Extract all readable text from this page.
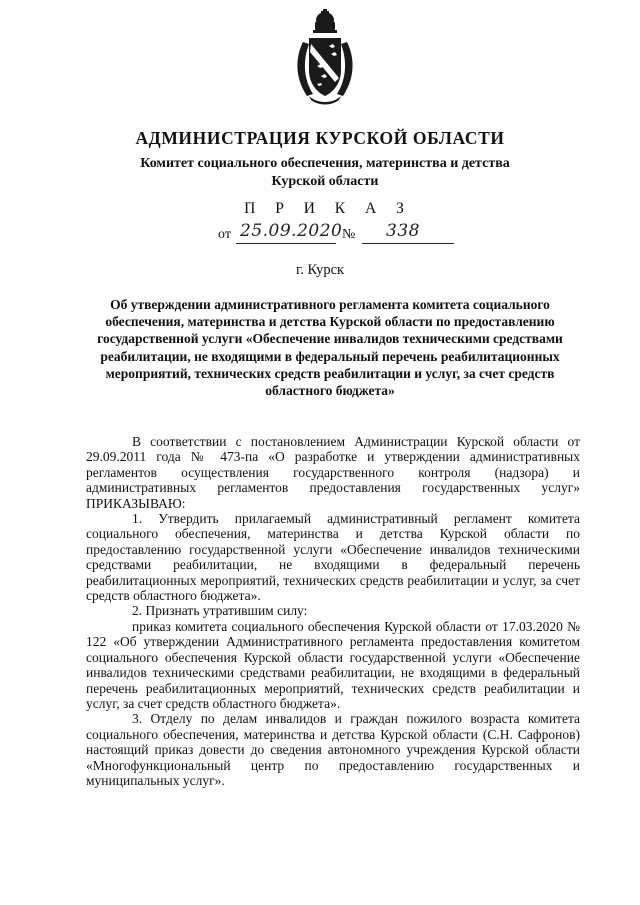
АДМИНИСТРАЦИЯ КУРСКОЙ ОБЛАСТИ
Комитет социального обеспечения, материнства и детства
Курской области
П Р И К А З
от 25.09.2020 № 338
г. Курск
Об утверждении административного регламента комитета социального обеспечения, материнства и детства Курской области по предоставлению государственной услуги «Обеспечение инвалидов техническими средствами реабилитации, не входящими в федеральный перечень реабилитационных мероприятий, технических средств реабилитации и услуг, за счет средств областного бюджета»

В соответствии с постановлением Администрации Курской области от 29.09.2011 года № 473-па «О разработке и утверждении административных регламентов осуществления государственного контроля (надзора) и административных регламентов предоставления государственных услуг» ПРИКАЗЫВАЮ:

1. Утвердить прилагаемый административный регламент комитета социального обеспечения, материнства и детства Курской области по предоставлению государственной услуги «Обеспечение инвалидов техническими средствами реабилитации, не входящими в федеральный перечень реабилитационных мероприятий, технических средств реабилитации и услуг, за счет средств областного бюджета».

2. Признать утратившим силу:

приказ комитета социального обеспечения Курской области от 17.03.2020 № 122 «Об утверждении Административного регламента предоставления комитетом социального обеспечения Курской области государственной услуги «Обеспечение инвалидов техническими средствами реабилитации, не входящими в федеральный перечень реабилитационных мероприятий, технических средств реабилитации и услуг, за счет средств областного бюджета».

3. Отделу по делам инвалидов и граждан пожилого возраста комитета социального обеспечения, материнства и детства Курской области (С.Н. Сафронов) настоящий приказ довести до сведения автономного учреждения Курской области «Многофункциональный центр по предоставлению государственных и муниципальных услуг».
